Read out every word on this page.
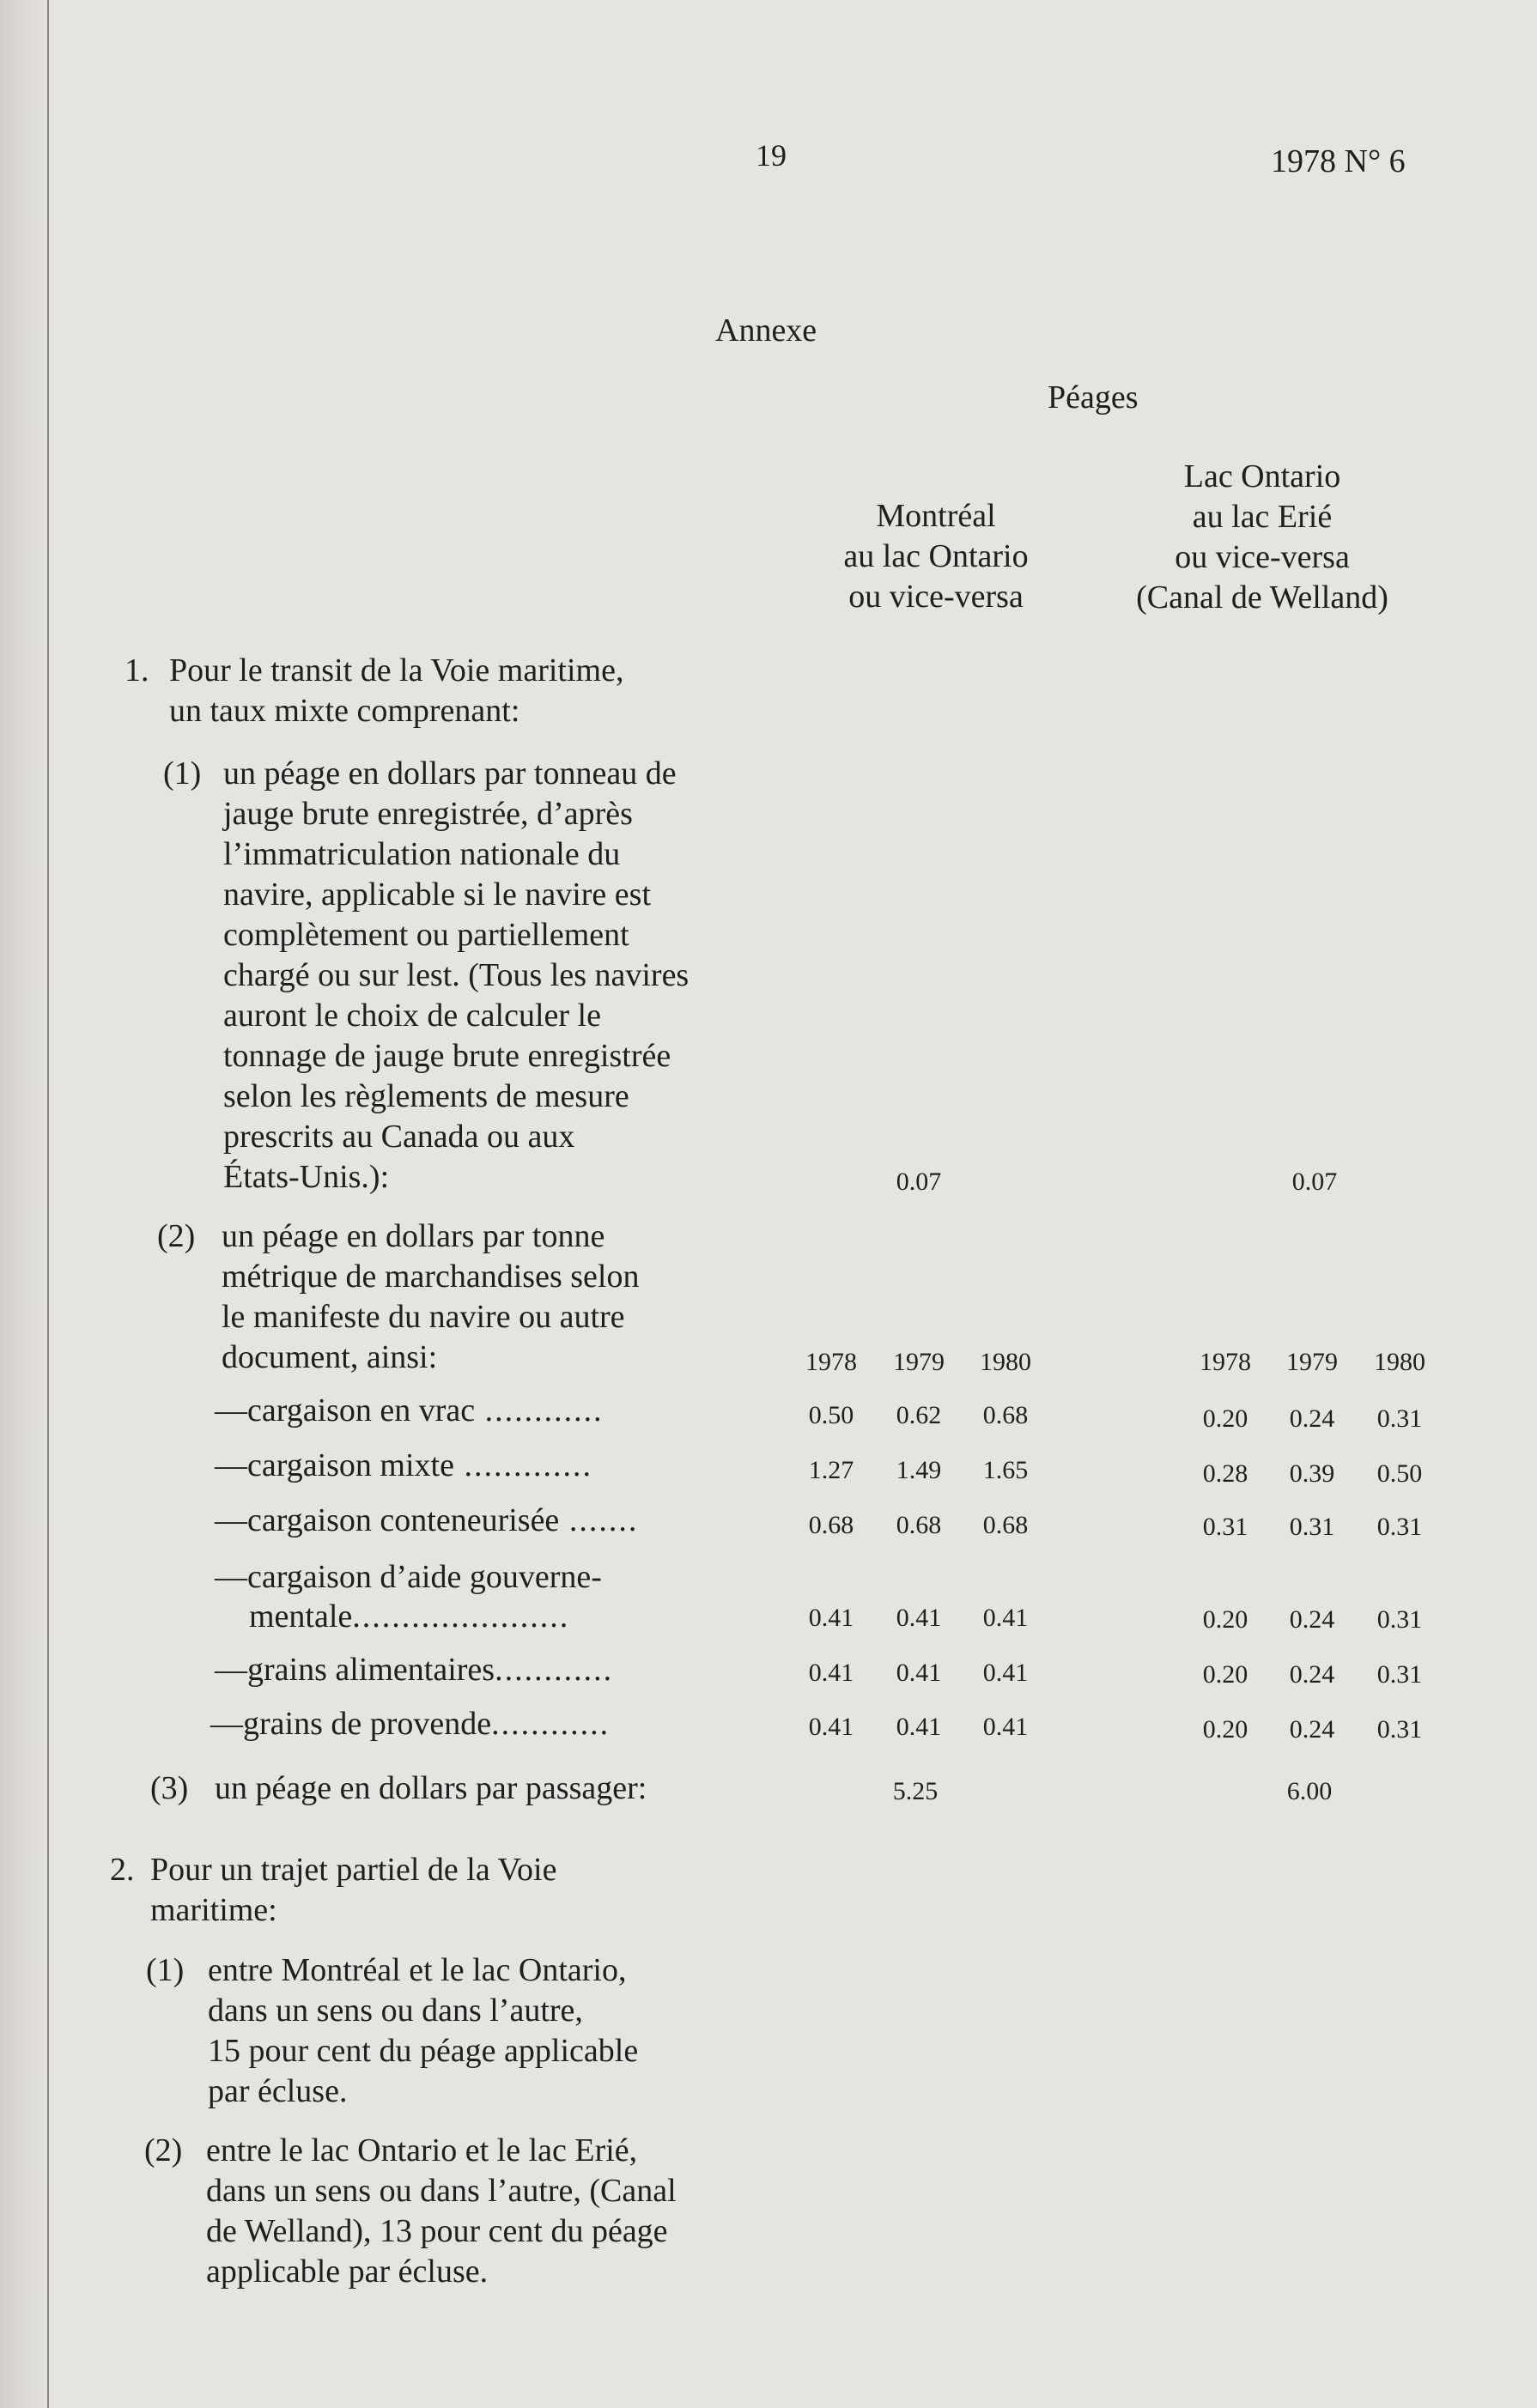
19	1978 N° 6
Annexe
Péages
Montréal
au lac Ontario
ou vice-versa
Lac Ontario
au lac Erié
ou vice-versa
(Canal de Welland)
1. Pour le transit de la Voie maritime,
un taux mixte comprenant:
(1) un péage en dollars par tonneau de
jauge brute enregistrée, d’après
l’immatriculation nationale du
navire, applicable si le navire est
complètement ou partiellement
chargé ou sur lest. (Tous les navires
auront le choix de calculer le
tonnage de jauge brute enregistrée
selon les règlements de mesure
prescrits au Canada ou aux
États-Unis.):	0.07	0.07
(2) un péage en dollars par tonne
métrique de marchandises selon
le manifeste du navire ou autre
document, ainsi:	1978	1979	1980	1978	1979	1980
—cargaison en vrac ............	0.50	0.62	0.68	0.20	0.24	0.31
—cargaison mixte .............	1.27	1.49	1.65	0.28	0.39	0.50
—cargaison conteneurisée .......	0.68	0.68	0.68	0.31	0.31	0.31
—cargaison d’aide gouverne-
mentale......................	0.41	0.41	0.41	0.20	0.24	0.31
—grains alimentaires............	0.41	0.41	0.41	0.20	0.24	0.31
—grains de provende............	0.41	0.41	0.41	0.20	0.24	0.31
(3) un péage en dollars par passager:	5.25	6.00
2. Pour un trajet partiel de la Voie
maritime:
(1) entre Montréal et le lac Ontario,
dans un sens ou dans l’autre,
15 pour cent du péage applicable
par écluse.
(2) entre le lac Ontario et le lac Erié,
dans un sens ou dans l’autre, (Canal
de Welland), 13 pour cent du péage
applicable par écluse.
